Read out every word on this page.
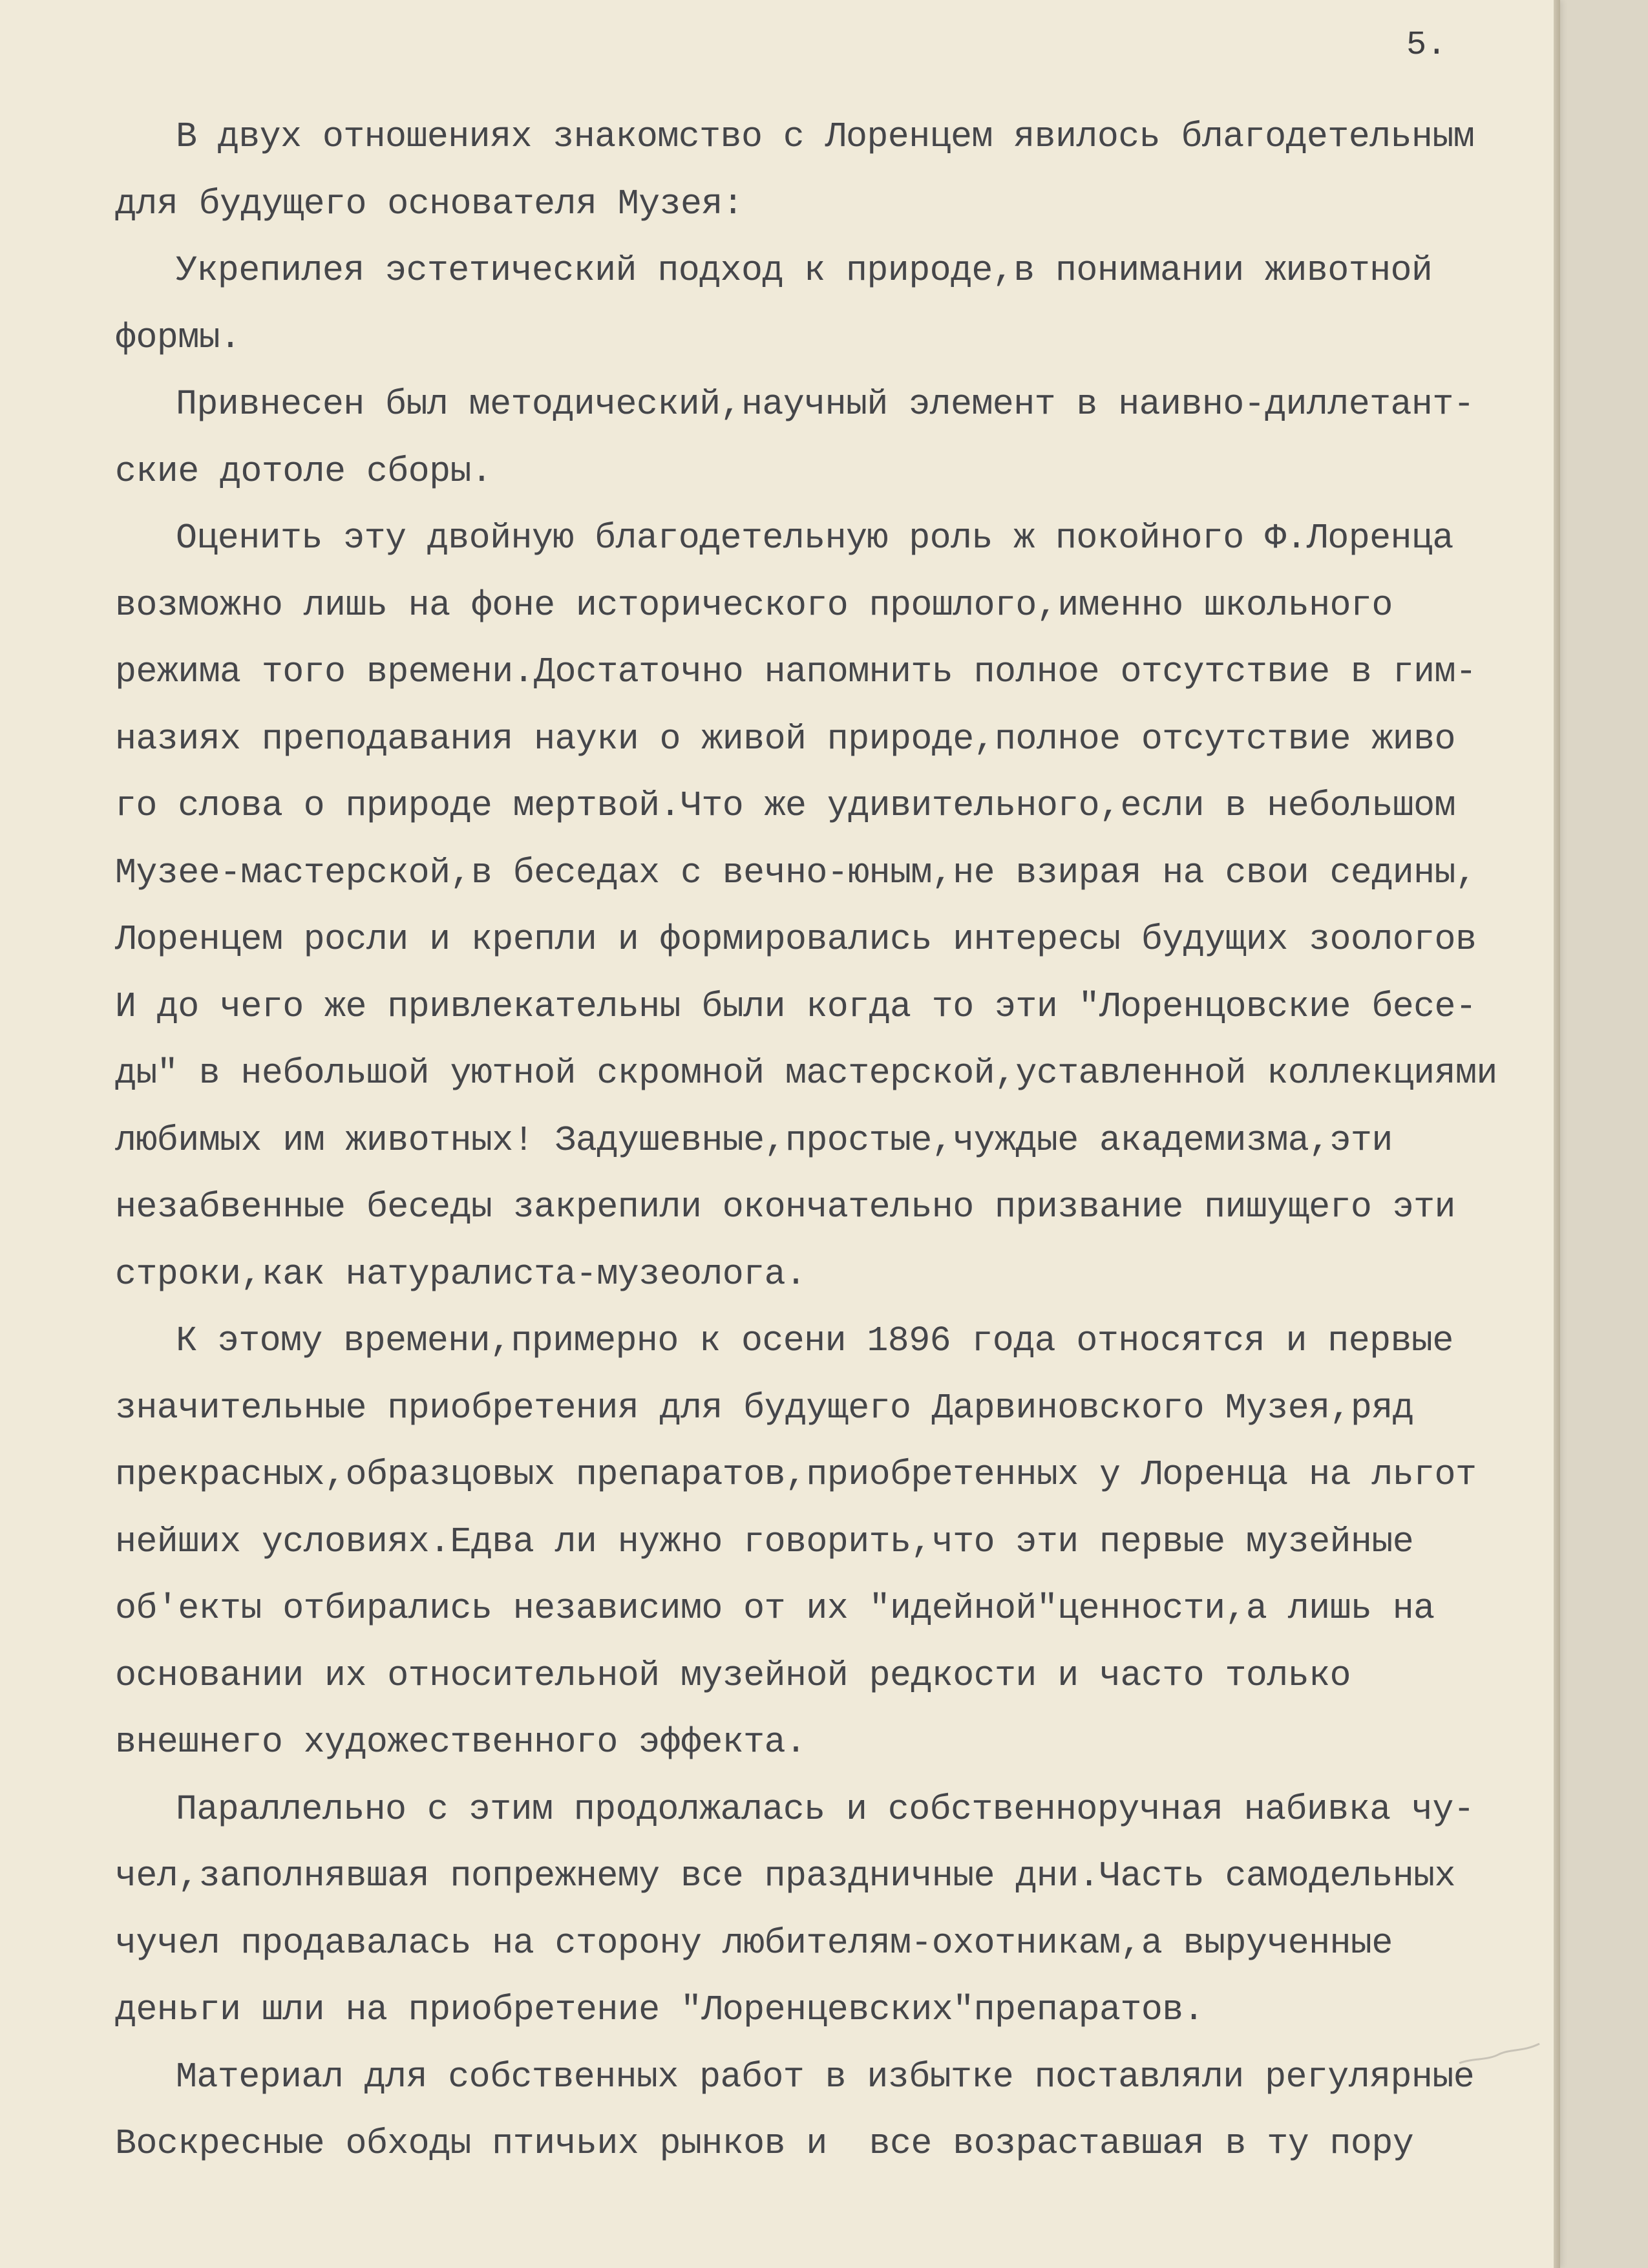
5.
В двух отношениях знакомство с Лоренцем явилось благодетельным
для будущего основателя Музея:
Укрепилея эстетический подход к природе,в понимании животной
формы.
Привнесен был методический,научный элемент в наивно-диллетант-
ские дотоле сборы.
Оценить эту двойную благодетельную роль ж покойного Ф.Лоренца
возможно лишь на фоне исторического прошлого,именно школьного
режима того времени.Достаточно напомнить полное отсутствие в гим-
назиях преподавания науки о живой природе,полное отсутствие живо
го слова о природе мертвой.Что же удивительного,если в небольшом
Музее-мастерской,в беседах с вечно-юным,не взирая на свои седины,
Лоренцем росли и крепли и формировались интересы будущих зоологов
И до чего же привлекательны были когда то эти "Лоренцовские бесе-
ды" в небольшой уютной скромной мастерской,уставленной коллекциями
любимых им животных! Задушевные,простые,чуждые академизма,эти
незабвенные беседы закрепили окончательно призвание пишущего эти
строки,как натуралиста-музеолога.
К этому времени,примерно к осени 1896 года относятся и первые
значительные приобретения для будущего Дарвиновского Музея,ряд
прекрасных,образцовых препаратов,приобретенных у Лоренца на льгот
нейших условиях.Едва ли нужно говорить,что эти первые музейные
об'екты отбирались независимо от их "идейной"ценности,а лишь на
основании их относительной музейной редкости и часто только
внешнего художественного эффекта.
Параллельно с этим продолжалась и собственноручная набивка чу-
чел,заполнявшая попрежнему все праздничные дни.Часть самодельных
чучел продавалась на сторону любителям-охотникам,а вырученные
деньги шли на приобретение "Лоренцевских"препаратов.
Материал для собственных работ в избытке поставляли регулярные
Воскресные обходы птичьих рынков и  все возраставшая в ту пору
